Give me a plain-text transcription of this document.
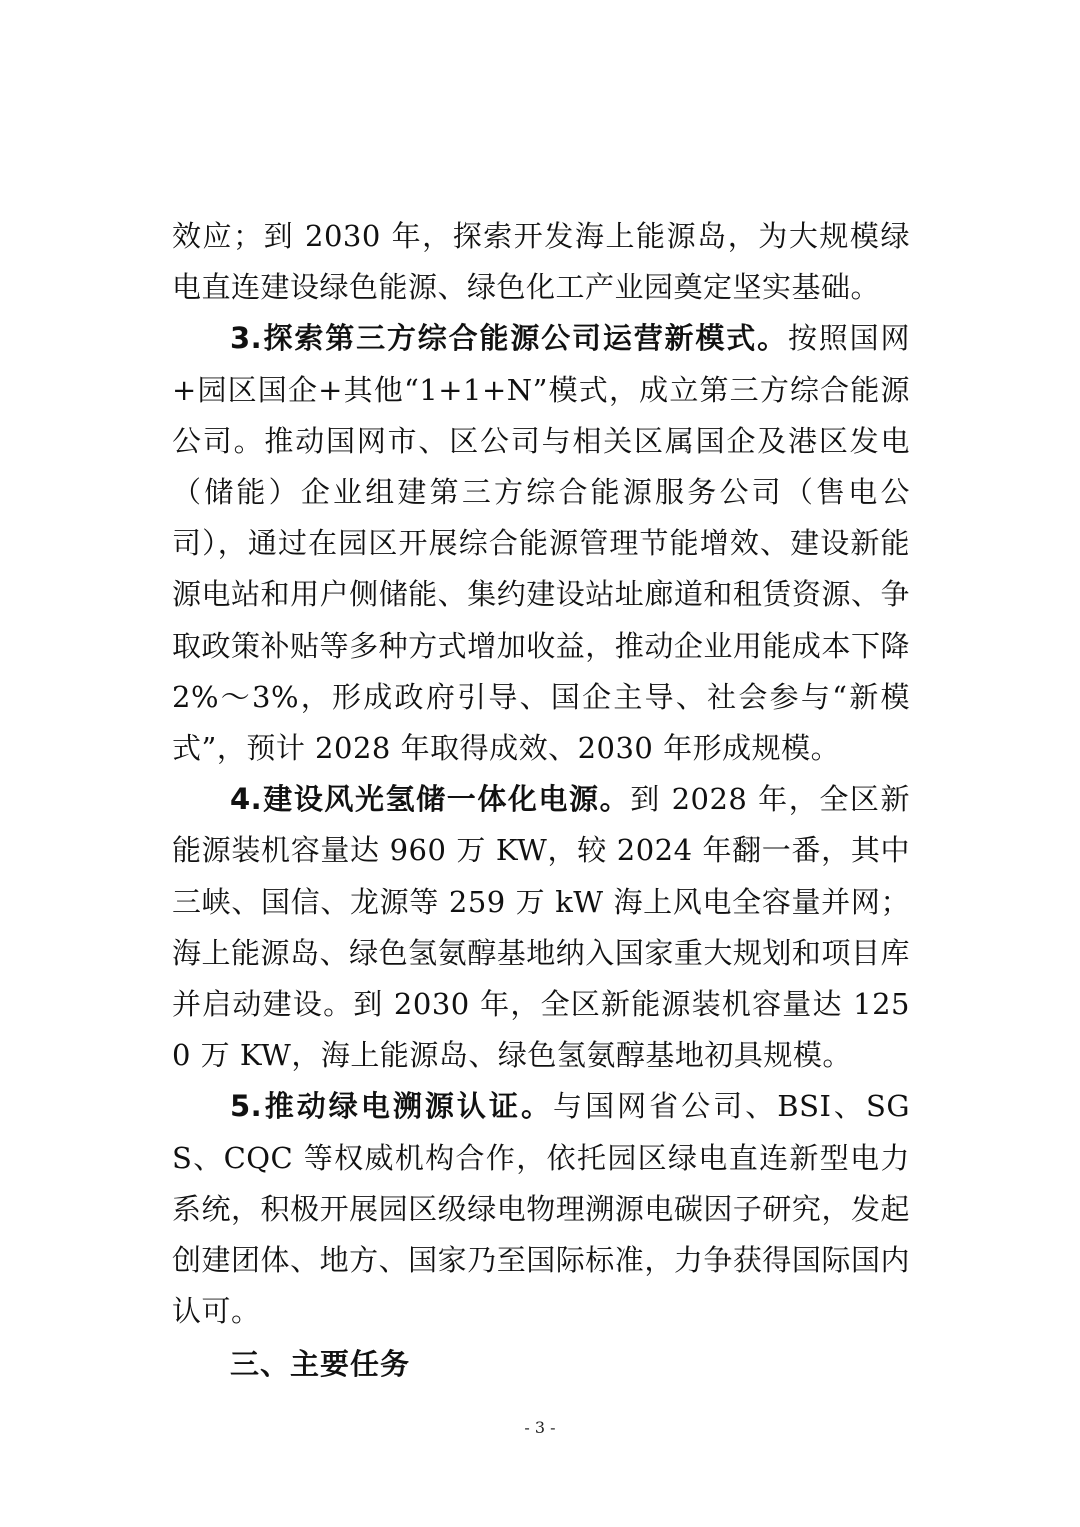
效应；到 2030 年，探索开发海上能源岛，为大规模绿电直连建设绿色能源、绿色化工产业园奠定坚实基础。

3.探索第三方综合能源公司运营新模式。按照国网+园区国企+其他“1+1+N”模式，成立第三方综合能源公司。推动国网市、区公司与相关区属国企及港区发电（储能）企业组建第三方综合能源服务公司（售电公司），通过在园区开展综合能源管理节能增效、建设新能源电站和用户侧储能、集约建设站址廊道和租赁资源、争取政策补贴等多种方式增加收益，推动企业用能成本下降 2%～3%，形成政府引导、国企主导、社会参与“新模式”，预计 2028 年取得成效、2030 年形成规模。

4.建设风光氢储一体化电源。到 2028 年，全区新能源装机容量达 960 万 KW，较 2024 年翻一番，其中三峡、国信、龙源等 259 万 kW 海上风电全容量并网；海上能源岛、绿色氢氨醇基地纳入国家重大规划和项目库并启动建设。到 2030 年，全区新能源装机容量达 1250 万 KW，海上能源岛、绿色氢氨醇基地初具规模。

5.推动绿电溯源认证。与国网省公司、BSI、SGS、CQC 等权威机构合作，依托园区绿电直连新型电力系统，积极开展园区级绿电物理溯源电碳因子研究，发起创建团体、地方、国家乃至国际标准，力争获得国际国内认可。

三、主要任务
- 3 -
